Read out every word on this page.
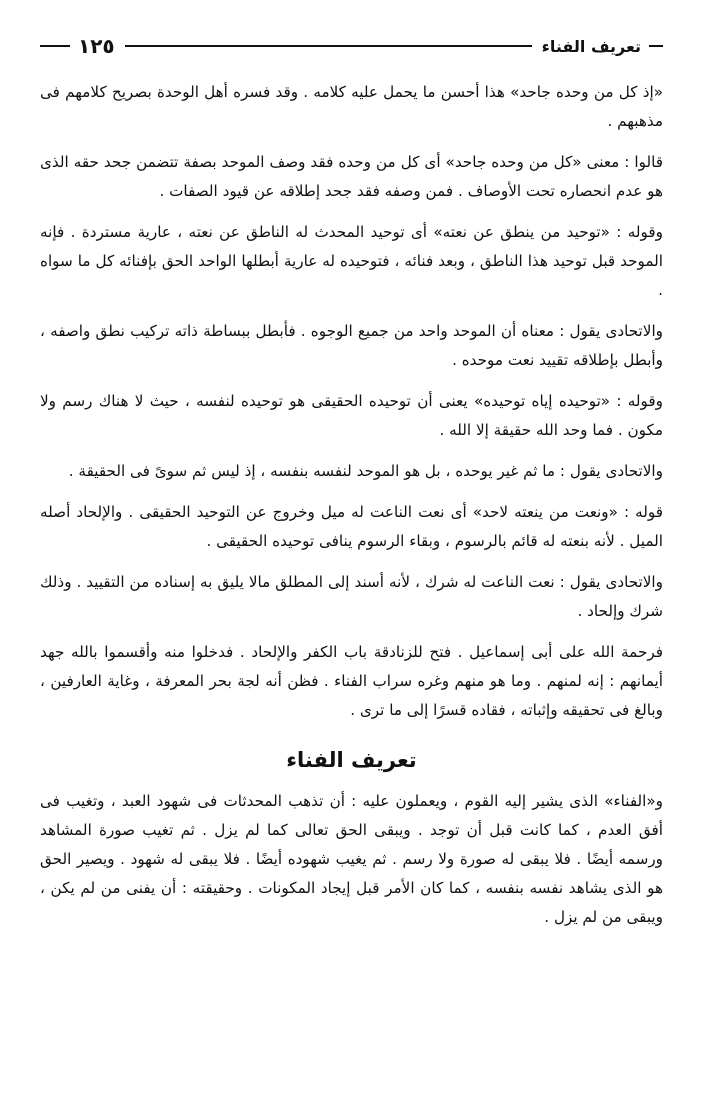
تعريف الفناء
١٢٥

«إذ كل من وحده جاحد» هذا أحسن ما يحمل عليه كلامه . وقد فسره أهل الوحدة بصريح كلامهم فى مذهبهم .

قالوا : معنى «كل من وحده جاحد» أى كل من وحده فقد وصف الموحد بصفة تتضمن جحد حقه الذى هو عدم انحصاره تحت الأوصاف . فمن وصفه فقد جحد إطلاقه عن قيود الصفات .

وقوله : «توحيد من ينطق عن نعته» أى توحيد المحدث له الناطق عن نعته ، عارية مستردة . فإنه الموحد قبل توحيد هذا الناطق ، وبعد فنائه ، فتوحيده له عارية أبطلها الواحد الحق بإفنائه كل ما سواه .

والاتحادى يقول : معناه أن الموحد واحد من جميع الوجوه . فأبطل ببساطة ذاته تركيب نطق واصفه ، وأبطل بإطلاقه تقييد نعت موحده .

وقوله : «توحيده إياه توحيده» يعنى أن توحيده الحقيقى هو توحيده لنفسه ، حيث لا هناك رسم ولا مكون . فما وحد الله حقيقة إلا الله .

والاتحادى يقول : ما ثم غير يوحده ، بل هو الموحد لنفسه بنفسه ، إذ ليس ثم سوىً فى الحقيقة .

قوله : «ونعت من ينعته لاحد» أى نعت الناعت له ميل وخروج عن التوحيد الحقيقى . والإلحاد أصله الميل . لأنه بنعته له قائم بالرسوم ، وبقاء الرسوم ينافى توحيده الحقيقى .

والاتحادى يقول : نعت الناعت له شرك ، لأنه أسند إلى المطلق مالا يليق به إسناده من التقييد . وذلك شرك وإلحاد .

فرحمة الله على أبى إسماعيل . فتح للزنادقة باب الكفر والإلحاد . فدخلوا منه وأقسموا بالله جهد أيمانهم : إنه لمنهم . وما هو منهم وغره سراب الفناء . فظن أنه لجة بحر المعرفة ، وغاية العارفين ، وبالغ فى تحقيقه وإثباته ، فقاده قسرًا إلى ما ترى .

تعريف الفناء

و«الفناء» الذى يشير إليه القوم ، ويعملون عليه : أن تذهب المحدثات فى شهود العبد ، وتغيب فى أفق العدم ، كما كانت قبل أن توجد . ويبقى الحق تعالى كما لم يزل . ثم تغيب صورة المشاهد ورسمه أيضًا . فلا يبقى له صورة ولا رسم . ثم يغيب شهوده أيضًا . فلا يبقى له شهود . ويصير الحق هو الذى يشاهد نفسه بنفسه ، كما كان الأمر قبل إيجاد المكونات . وحقيقته : أن يفنى من لم يكن ، ويبقى من لم يزل .
